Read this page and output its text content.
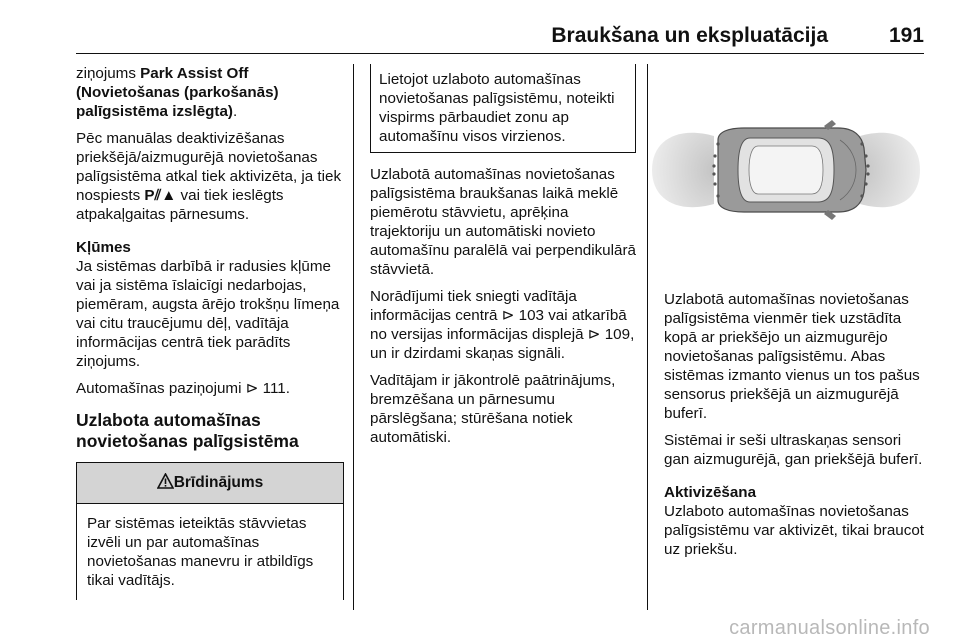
Braukšana un ekspluatācija	191

ziņojums Park Assist Off (Novietošanas (parkošanās) palīgsistēma izslēgta).

Pēc manuālas deaktivizēšanas priekšējā/aizmugurējā novietošanas palīgsistēma atkal tiek aktivizēta, ja tiek nospiests P⫽▲ vai tiek ieslēgts atpakaļgaitas pārnesums.

Kļūmes

Ja sistēmas darbībā ir radusies kļūme vai ja sistēma īslaicīgi nedarbojas, piemēram, augsta ārējo trokšņu līmeņa vai citu traucējumu dēļ, vadītāja informācijas centrā tiek parādīts ziņojums.

Automašīnas paziņojumi ⊳ 111.

Uzlabota automašīnas novietošanas palīgsistēma
Brīdinājums
Par sistēmas ieteiktās stāvvietas izvēli un par automašīnas novietošanas manevru ir atbildīgs tikai vadītājs.
Lietojot uzlaboto automašīnas novietošanas palīgsistēmu, noteikti vispirms pārbaudiet zonu ap automašīnu visos virzienos.

Uzlabotā automašīnas novietošanas palīgsistēma braukšanas laikā meklē piemērotu stāvvietu, aprēķina trajektoriju un automātiski novieto automašīnu paralēlā vai perpendikulārā stāvvietā.

Norādījumi tiek sniegti vadītāja informācijas centrā ⊳ 103 vai atkarībā no versijas informācijas displejā ⊳ 109, un ir dzirdami skaņas signāli.

Vadītājam ir jākontrolē paātrinājums, bremzēšana un pārnesumu pārslēgšana; stūrēšana notiek automātiski.

Uzlabotā automašīnas novietošanas palīgsistēma vienmēr tiek uzstādīta kopā ar priekšējo un aizmugurējo novietošanas palīgsistēmu. Abas sistēmas izmanto vienus un tos pašus sensorus priekšējā un aizmugurējā buferī.

Sistēmai ir seši ultraskaņas sensori gan aizmugurējā, gan priekšējā buferī.

Aktivizēšana

Uzlaboto automašīnas novietošanas palīgsistēmu var aktivizēt, tikai braucot uz priekšu.

carmanualsonline.info
